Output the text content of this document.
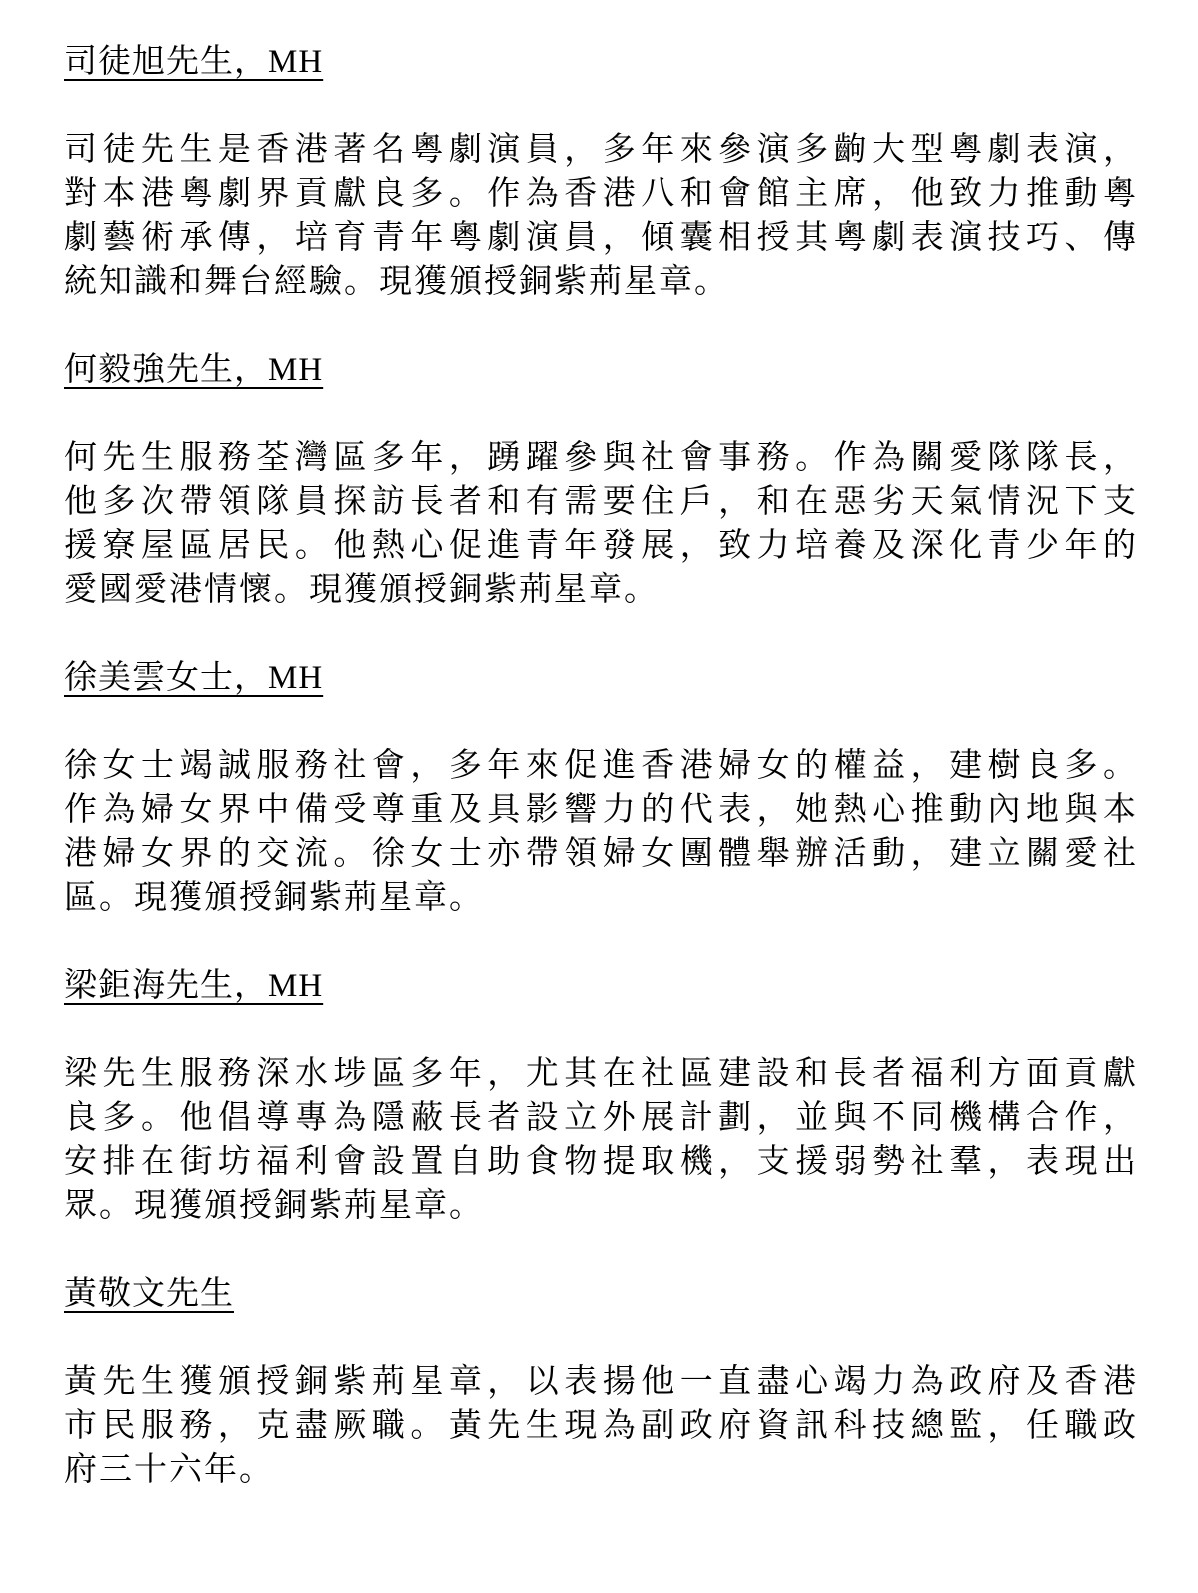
司徒旭先生，MH
司徒先生是香港著名粵劇演員，多年來參演多齣大型粵劇表演，
對本港粵劇界貢獻良多。作為香港八和會館主席，他致力推動粵
劇藝術承傳，培育青年粵劇演員，傾囊相授其粵劇表演技巧、傳
統知識和舞台經驗。現獲頒授銅紫荊星章。
何毅強先生，MH
何先生服務荃灣區多年，踴躍參與社會事務。作為關愛隊隊長，
他多次帶領隊員探訪長者和有需要住戶，和在惡劣天氣情況下支
援寮屋區居民。他熱心促進青年發展，致力培養及深化青少年的
愛國愛港情懷。現獲頒授銅紫荊星章。
徐美雲女士，MH
徐女士竭誠服務社會，多年來促進香港婦女的權益，建樹良多。
作為婦女界中備受尊重及具影響力的代表，她熱心推動內地與本
港婦女界的交流。徐女士亦帶領婦女團體舉辦活動，建立關愛社
區。現獲頒授銅紫荊星章。
梁鉅海先生，MH
梁先生服務深水埗區多年，尤其在社區建設和長者福利方面貢獻
良多。他倡導專為隱蔽長者設立外展計劃，並與不同機構合作，
安排在街坊福利會設置自助食物提取機，支援弱勢社羣，表現出
眾。現獲頒授銅紫荊星章。
黃敬文先生
黃先生獲頒授銅紫荊星章，以表揚他一直盡心竭力為政府及香港
市民服務，克盡厥職。黃先生現為副政府資訊科技總監，任職政
府三十六年。
